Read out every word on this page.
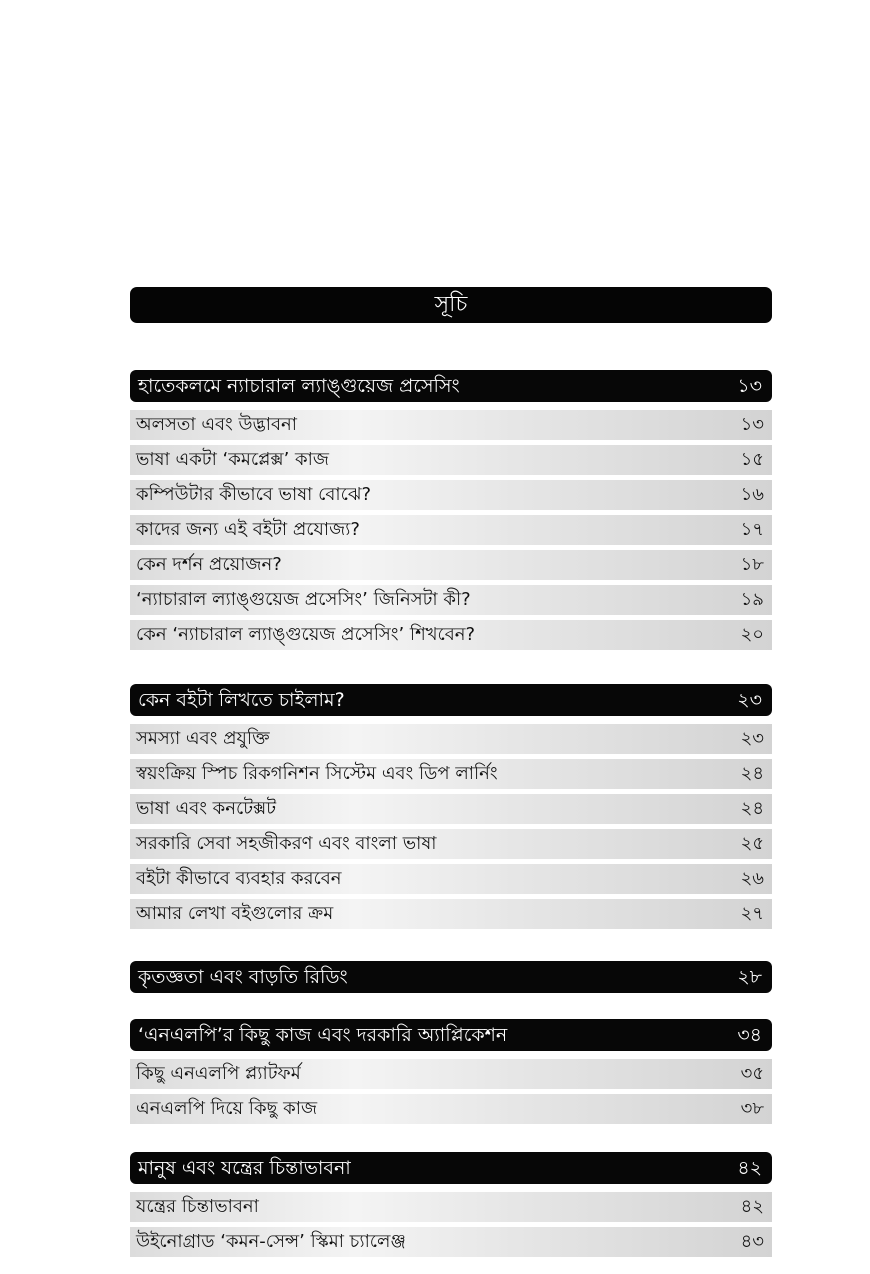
সূচি
হাতেকলমে ন্যাচারাল ল্যাঙ্গুয়েজ প্রসেসিং	১৩
অলসতা এবং উদ্ভাবনা	১৩
ভাষা একটা ‘কমপ্লেক্স’ কাজ	১৫
কম্পিউটার কীভাবে ভাষা বোঝে?	১৬
কাদের জন্য এই বইটা প্রযোজ্য?	১৭
কেন দর্শন প্রয়োজন?	১৮
‘ন্যাচারাল ল্যাঙ্গুয়েজ প্রসেসিং’ জিনিসটা কী?	১৯
কেন ‘ন্যাচারাল ল্যাঙ্গুয়েজ প্রসেসিং’ শিখবেন?	২০
কেন বইটা লিখতে চাইলাম?	২৩
সমস্যা এবং প্রযুক্তি	২৩
স্বয়ংক্রিয় স্পিচ রিকগনিশন সিস্টেম এবং ডিপ লার্নিং	২৪
ভাষা এবং কনটেক্সট	২৪
সরকারি সেবা সহজীকরণ এবং বাংলা ভাষা	২৫
বইটা কীভাবে ব্যবহার করবেন	২৬
আমার লেখা বইগুলোর ক্রম	২৭
কৃতজ্ঞতা এবং বাড়তি রিডিং	২৮
‘এনএলপি’র কিছু কাজ এবং দরকারি অ্যাপ্লিকেশন	৩৪
কিছু এনএলপি প্ল্যাটফর্ম	৩৫
এনএলপি দিয়ে কিছু কাজ	৩৮
মানুষ এবং যন্ত্রের চিন্তাভাবনা	৪২
যন্ত্রের চিন্তাভাবনা	৪২
উইনোগ্রাড ‘কমন-সেন্স’ স্কিমা চ্যালেঞ্জ	৪৩
